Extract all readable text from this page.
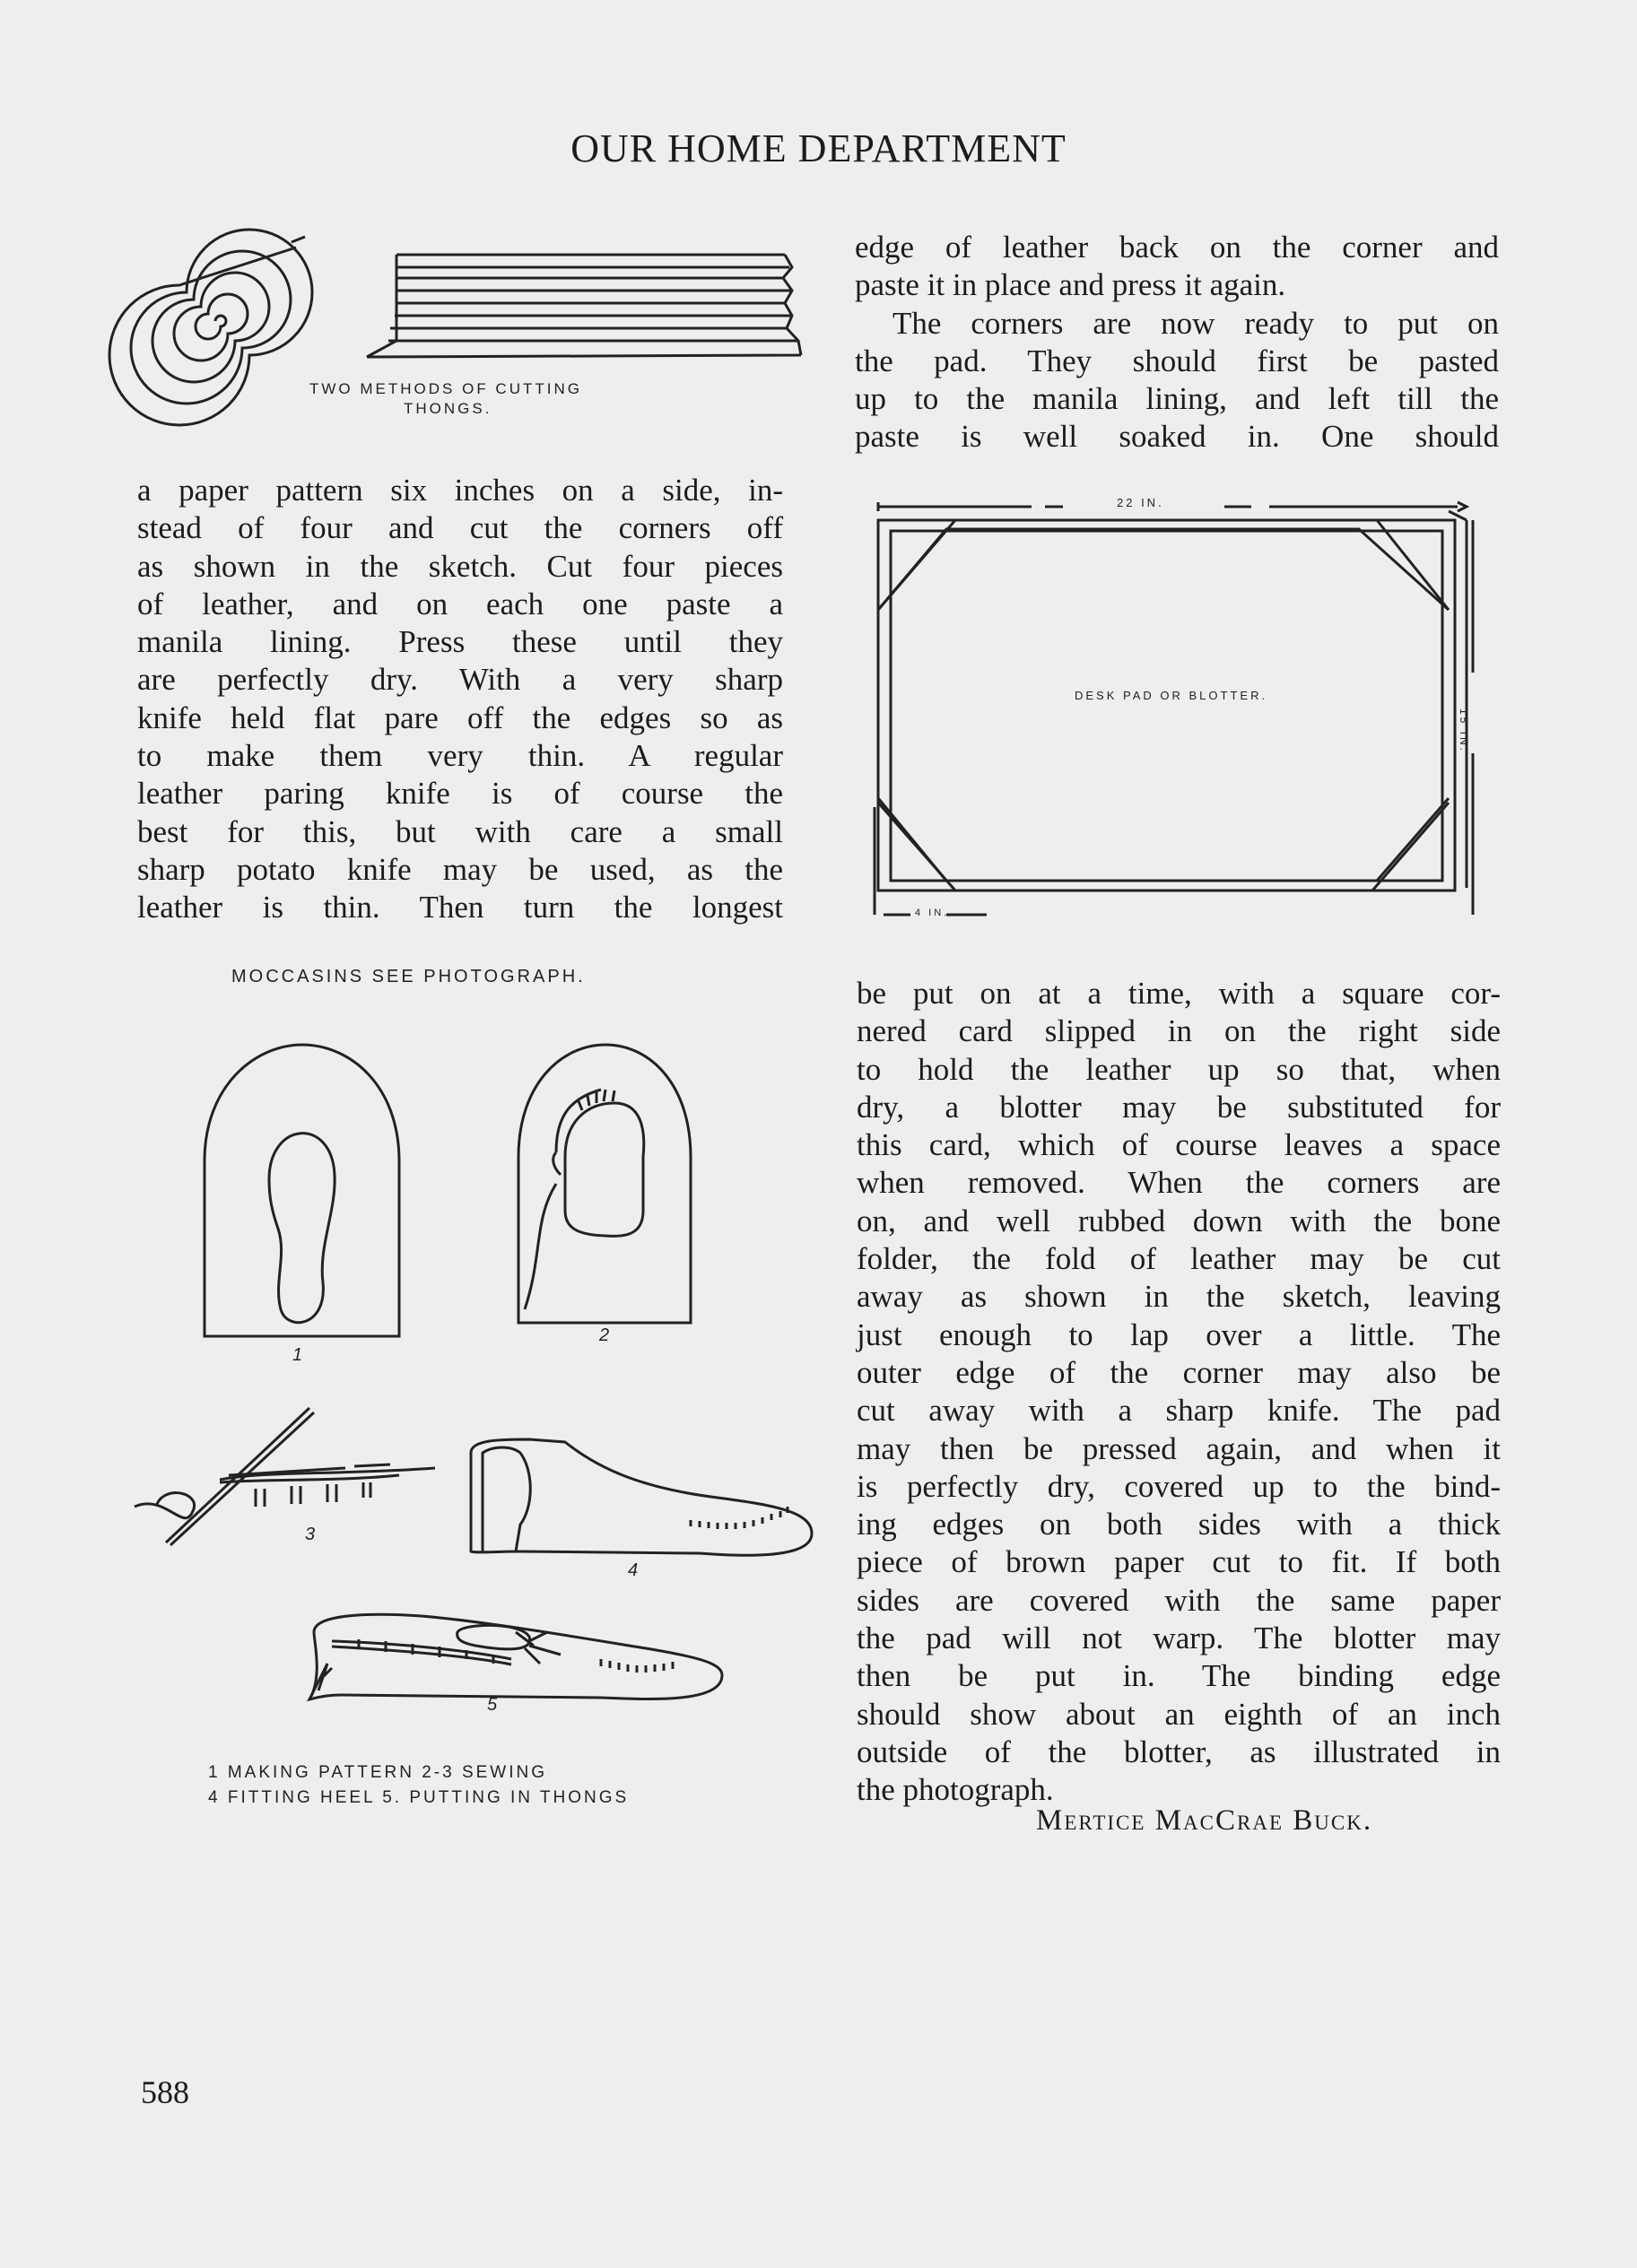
OUR HOME DEPARTMENT
TWO METHODS OF CUTTING
THONGS.
a paper pattern six inches on a side, in-
stead of four and cut the corners off
as shown in the sketch. Cut four pieces
of leather, and on each one paste a
manila lining. Press these until they
are perfectly dry. With a very sharp
knife held flat pare off the edges so as
to make them very thin. A regular
leather paring knife is of course the
best for this, but with care a small
sharp potato knife may be used, as the
leather is thin. Then turn the longest
edge of leather back on the corner and
paste it in place and press it again.
The corners are now ready to put on
the pad. They should first be pasted
up to the manila lining, and left till the
paste is well soaked in. One should
22 IN.
DESK PAD OR BLOTTER.
15 IN.
4 IN.
be put on at a time, with a square cor-
nered card slipped in on the right side
to hold the leather up so that, when
dry, a blotter may be substituted for
this card, which of course leaves a space
when removed. When the corners are
on, and well rubbed down with the bone
folder, the fold of leather may be cut
away as shown in the sketch, leaving
just enough to lap over a little. The
outer edge of the corner may also be
cut away with a sharp knife. The pad
may then be pressed again, and when it
is perfectly dry, covered up to the bind-
ing edges on both sides with a thick
piece of brown paper cut to fit. If both
sides are covered with the same paper
the pad will not warp. The blotter may
then be put in. The binding edge
should show about an eighth of an inch
outside of the blotter, as illustrated in
the photograph.
Mertice MacCrae Buck.
MOCCASINS SEE PHOTOGRAPH.
1
2
3
4
5
1 MAKING PATTERN 2-3 SEWING
4 FITTING HEEL 5. PUTTING IN THONGS
588
